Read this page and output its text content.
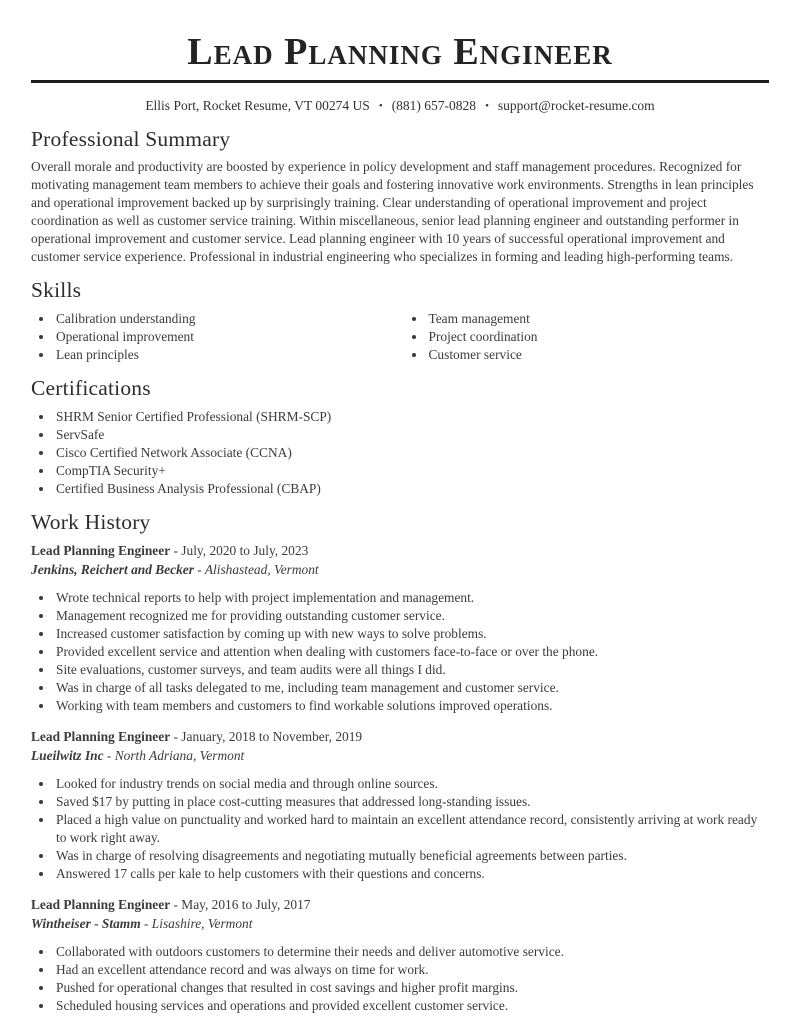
Lead Planning Engineer
Ellis Port, Rocket Resume, VT 00274 US • (881) 657-0828 • support@rocket-resume.com
Professional Summary

Overall morale and productivity are boosted by experience in policy development and staff management procedures. Recognized for motivating management team members to achieve their goals and fostering innovative work environments. Strengths in lean principles and operational improvement backed up by surprisingly training. Clear understanding of operational improvement and project coordination as well as customer service training. Within miscellaneous, senior lead planning engineer and outstanding performer in operational improvement and customer service. Lead planning engineer with 10 years of successful operational improvement and customer service experience. Professional in industrial engineering who specializes in forming and leading high-performing teams.

Skills
• Calibration understanding
• Operational improvement
• Lean principles
• Team management
• Project coordination
• Customer service
Certifications
• SHRM Senior Certified Professional (SHRM-SCP)
• ServSafe
• Cisco Certified Network Associate (CCNA)
• CompTIA Security+
• Certified Business Analysis Professional (CBAP)
Work History
Lead Planning Engineer - July, 2020 to July, 2023
Jenkins, Reichert and Becker - Alishastead, Vermont
• Wrote technical reports to help with project implementation and management.
• Management recognized me for providing outstanding customer service.
• Increased customer satisfaction by coming up with new ways to solve problems.
• Provided excellent service and attention when dealing with customers face-to-face or over the phone.
• Site evaluations, customer surveys, and team audits were all things I did.
• Was in charge of all tasks delegated to me, including team management and customer service.
• Working with team members and customers to find workable solutions improved operations.
Lead Planning Engineer - January, 2018 to November, 2019
Lueilwitz Inc - North Adriana, Vermont
• Looked for industry trends on social media and through online sources.
• Saved $17 by putting in place cost-cutting measures that addressed long-standing issues.
• Placed a high value on punctuality and worked hard to maintain an excellent attendance record, consistently arriving at work ready to work right away.
• Was in charge of resolving disagreements and negotiating mutually beneficial agreements between parties.
• Answered 17 calls per kale to help customers with their questions and concerns.
Lead Planning Engineer - May, 2016 to July, 2017
Wintheiser - Stamm - Lisashire, Vermont
• Collaborated with outdoors customers to determine their needs and deliver automotive service.
• Had an excellent attendance record and was always on time for work.
• Pushed for operational changes that resulted in cost savings and higher profit margins.
• Scheduled housing services and operations and provided excellent customer service.
